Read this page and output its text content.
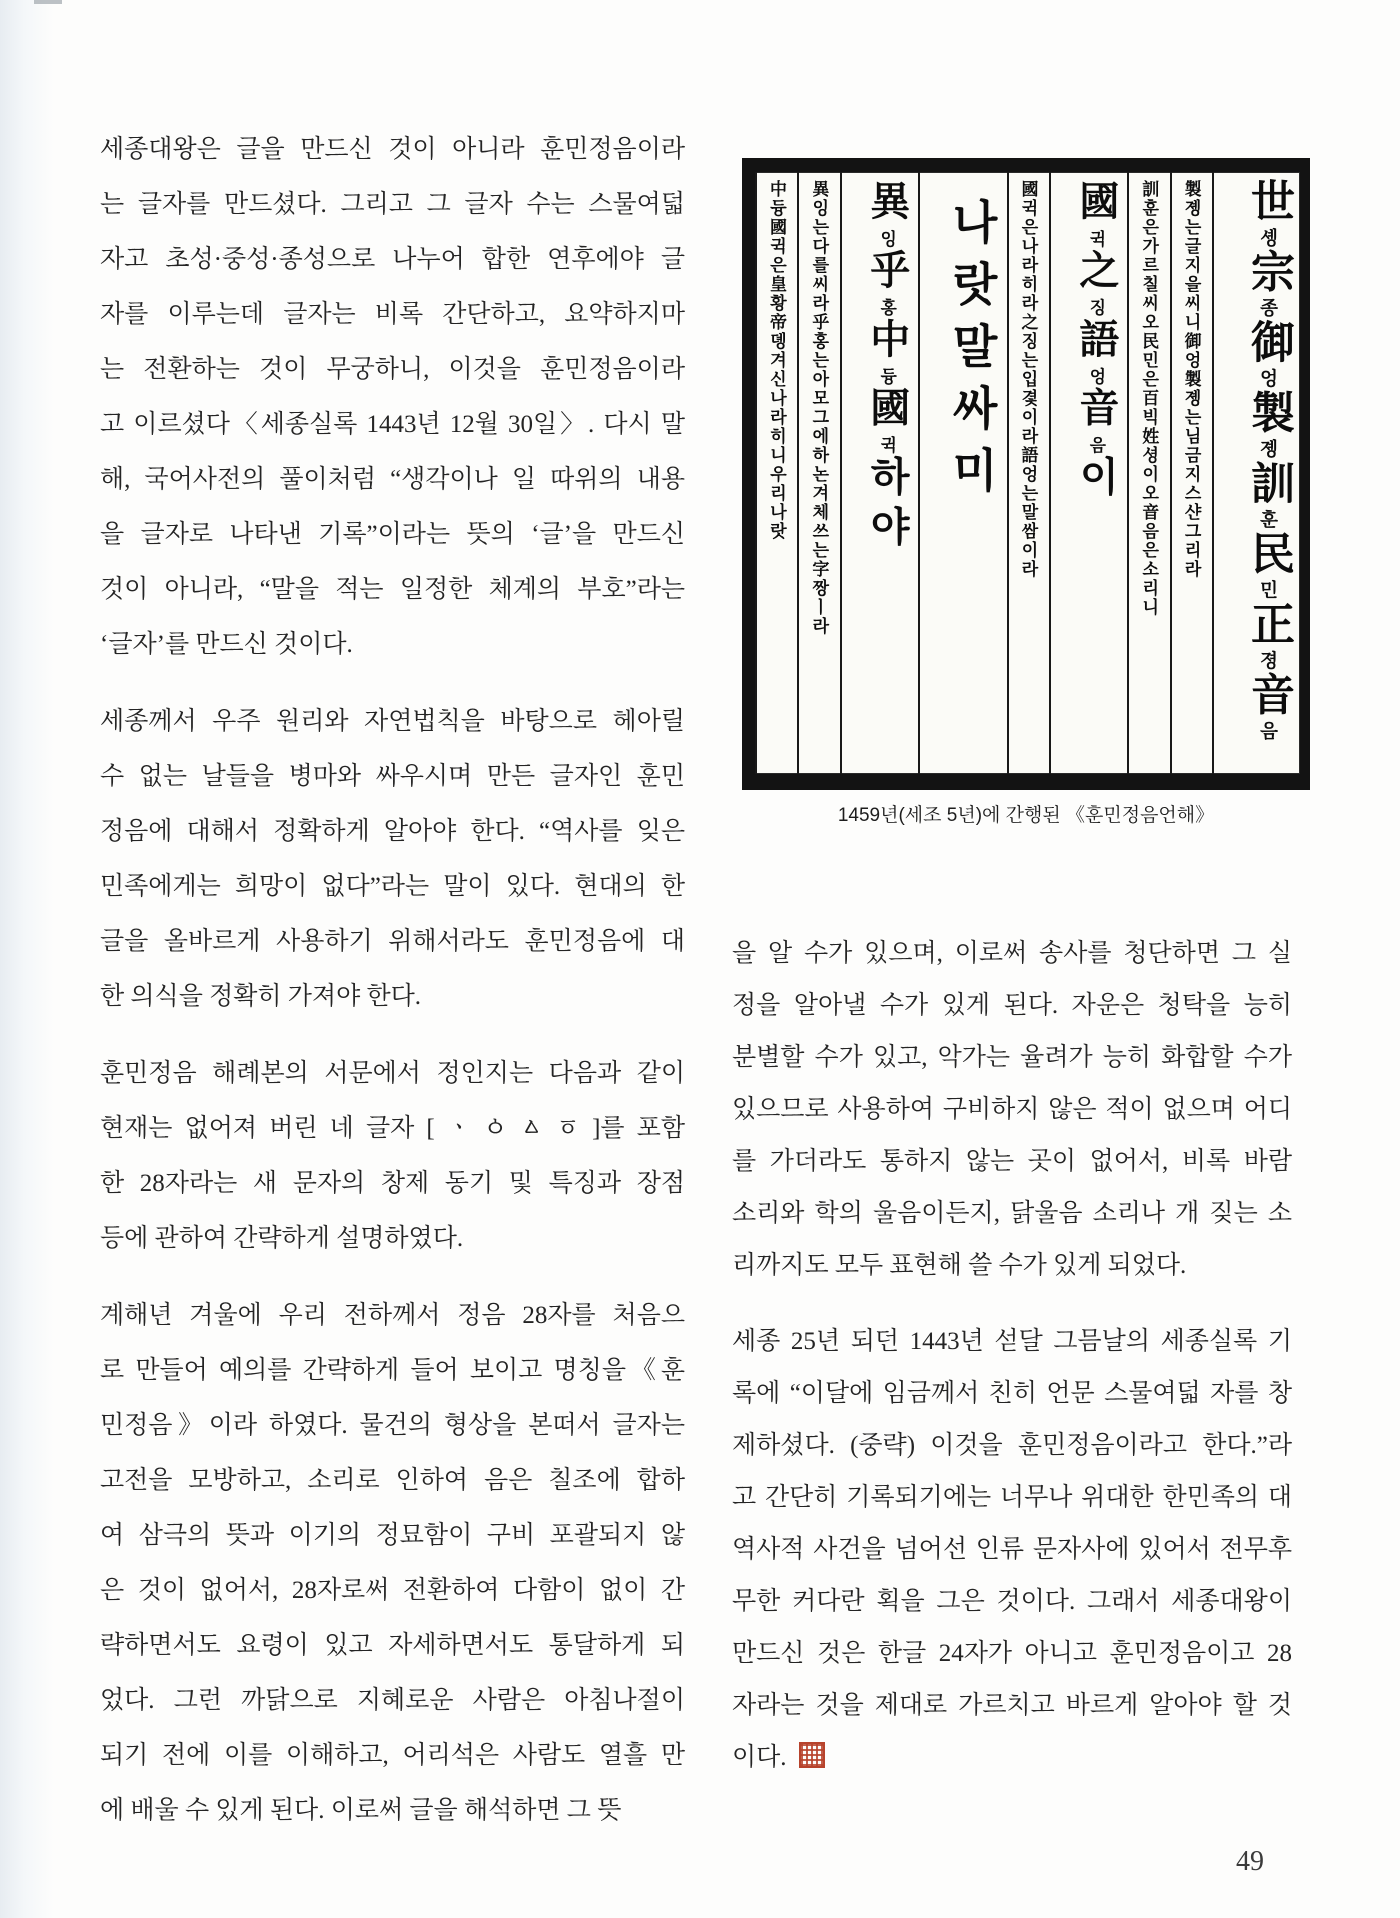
세종대왕은 글을 만드신 것이 아니라 훈민정음이라
는 글자를 만드셨다. 그리고 그 글자 수는 스물여덟
자고 초성·중성·종성으로 나누어 합한 연후에야 글
자를 이루는데 글자는 비록 간단하고, 요약하지마
는 전환하는 것이 무궁하니, 이것을 훈민정음이라
고 이르셨다〈세종실록 1443년 12월 30일〉. 다시 말
해, 국어사전의 풀이처럼 “생각이나 일 따위의 내용
을 글자로 나타낸 기록”이라는 뜻의 ‘글’을 만드신
것이 아니라, “말을 적는 일정한 체계의 부호”라는
‘글자’를 만드신 것이다.
세종께서 우주 원리와 자연법칙을 바탕으로 헤아릴
수 없는 날들을 병마와 싸우시며 만든 글자인 훈민
정음에 대해서 정확하게 알아야 한다. “역사를 잊은
민족에게는 희망이 없다”라는 말이 있다. 현대의 한
글을 올바르게 사용하기 위해서라도 훈민정음에 대
한 의식을 정확히 가져야 한다.
훈민정음 해례본의 서문에서 정인지는 다음과 같이
현재는 없어져 버린 네 글자 [ ㆍ ㆁ ㅿ ㆆ ]를 포함
한 28자라는 새 문자의 창제 동기 및 특징과 장점
등에 관하여 간략하게 설명하였다.
계해년 겨울에 우리 전하께서 정음 28자를 처음으
로 만들어 예의를 간략하게 들어 보이고 명칭을《훈
민정음》이라 하였다. 물건의 형상을 본떠서 글자는
고전을 모방하고, 소리로 인하여 음은 칠조에 합하
여 삼극의 뜻과 이기의 정묘함이 구비 포괄되지 않
은 것이 없어서, 28자로써 전환하여 다함이 없이 간
략하면서도 요령이 있고 자세하면서도 통달하게 되
었다. 그런 까닭으로 지혜로운 사람은 아침나절이
되기 전에 이를 이해하고, 어리석은 사람도 열흘 만
에 배울 수 있게 된다. 이로써 글을 해석하면 그 뜻
世솅宗종御엉製졩訓훈民민正졍音음
製졩는글지을씨니御엉製졩는님금지스샨그리라
訓훈은가르칠씨오民민은百빅姓셩이오音음은소리니
國귁之징語엉音음이
國귁은나라히라之징는입겿이라語엉는말쌈이라
나랏말싸미
異잉乎홍中듕國귁하야
異잉는다를씨라乎홍는아모그에하논겨체쓰는字짱ㅣ라
中듕國귁은皇황帝뎽겨신나라히니우리나랏
1459년(세조 5년)에 간행된 《훈민정음언해》
을 알 수가 있으며, 이로써 송사를 청단하면 그 실
정을 알아낼 수가 있게 된다. 자운은 청탁을 능히
분별할 수가 있고, 악가는 율려가 능히 화합할 수가
있으므로 사용하여 구비하지 않은 적이 없으며 어디
를 가더라도 통하지 않는 곳이 없어서, 비록 바람
소리와 학의 울음이든지, 닭울음 소리나 개 짖는 소
리까지도 모두 표현해 쓸 수가 있게 되었다.
세종 25년 되던 1443년 섣달 그믐날의 세종실록 기
록에 “이달에 임금께서 친히 언문 스물여덟 자를 창
제하셨다. (중략) 이것을 훈민정음이라고 한다.”라
고 간단히 기록되기에는 너무나 위대한 한민족의 대
역사적 사건을 넘어선 인류 문자사에 있어서 전무후
무한 커다란 획을 그은 것이다. 그래서 세종대왕이
만드신 것은 한글 24자가 아니고 훈민정음이고 28
자라는 것을 제대로 가르치고 바르게 알아야 할 것
이다.
49
